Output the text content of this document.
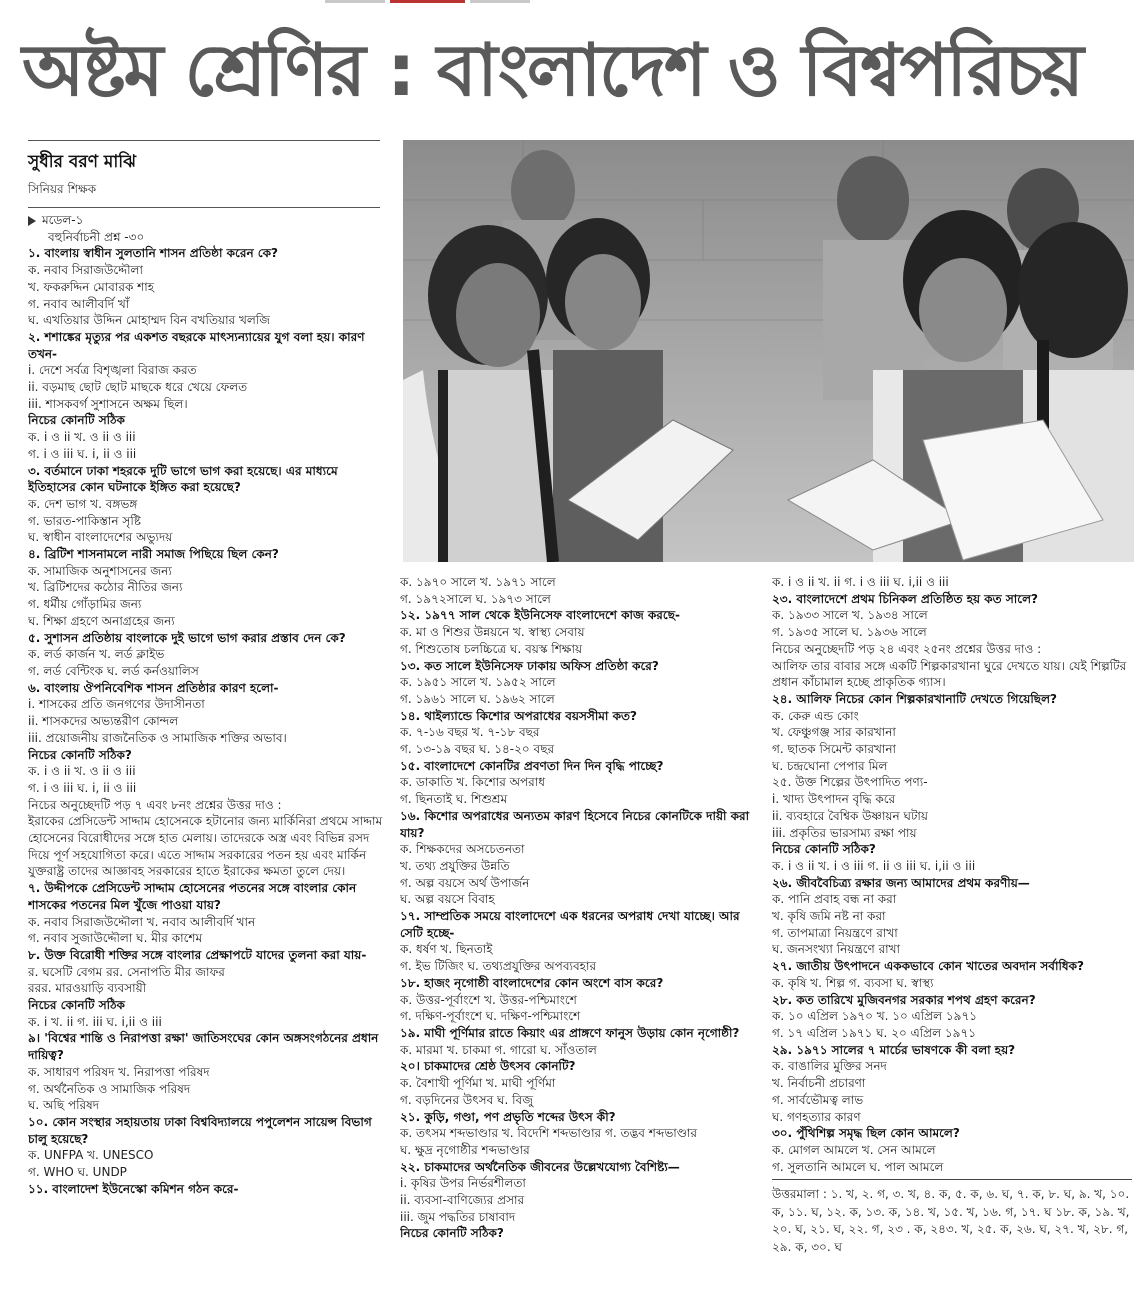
অষ্টম শ্রেণির : বাংলাদেশ ও বিশ্বপরিচয়
সুধীর বরণ মাঝি
সিনিয়র শিক্ষক
মডেল-১
বহুনির্বাচনী প্রশ্ন -৩০
১. বাংলায় স্বাধীন সুলতানি শাসন প্রতিষ্ঠা করেন কে?
ক. নবাব সিরাজউদ্দৌলা
খ. ফকরুদ্দিন মোবারক শাহ
গ. নবাব আলীবর্দি খাঁ
ঘ. এখতিয়ার উদ্দিন মোহাম্মদ বিন বখতিয়ার খলজি
২. শশাঙ্কের মৃত্যুর পর একশত বছরকে মাৎস্যন্যায়ের যুগ বলা হয়। কারণ তখন-
i. দেশে সর্বত্র বিশৃঙ্খলা বিরাজ করত
ii. বড়মাছ ছোট ছোট মাছকে ধরে খেয়ে ফেলত
iii. শাসকবর্গ সুশাসনে অক্ষম ছিল।
নিচের কোনটি সঠিক
ক. i ও ii খ. ও ii ও iii
গ. i ও iii ঘ. i, ii ও iii
৩. বর্তমানে ঢাকা শহরকে দুটি ভাগে ভাগ করা হয়েছে। এর মাধ্যমে ইতিহাসের কোন ঘটনাকে ইঙ্গিত করা হয়েছে?
ক. দেশ ভাগ খ. বঙ্গভঙ্গ
গ. ভারত-পাকিস্তান সৃষ্টি
ঘ. স্বাধীন বাংলাদেশের অভ্যুদয়
৪. ব্রিটিশ শাসনামলে নারী সমাজ পিছিয়ে ছিল কেন?
ক. সামাজিক অনুশাসনের জন্য
খ. ব্রিটিশদের কঠোর নীতির জন্য
গ. ধর্মীয় গোঁড়ামির জন্য
ঘ. শিক্ষা গ্রহণে অনাগ্রহের জন্য
৫. সুশাসন প্রতিষ্ঠায় বাংলাকে দুই ভাগে ভাগ করার প্রস্তাব দেন কে?
ক. লর্ড কার্জন খ. লর্ড ক্লাইভ
গ. লর্ড বেন্টিংক ঘ. লর্ড কর্নওয়ালিস
৬. বাংলায় ঔপনিবেশিক শাসন প্রতিষ্ঠার কারণ হলো-
i. শাসকের প্রতি জনগণের উদাসীনতা
ii. শাসকদের অভ্যন্তরীণ কোন্দল
iii. প্রয়োজনীয় রাজনৈতিক ও সামাজিক শক্তির অভাব।
নিচের কোনটি সঠিক?
ক. i ও ii খ. ও ii ও iii
গ. i ও iii ঘ. i, ii ও iii
নিচের অনুচ্ছেদটি পড় ৭ এবং ৮নং প্রশ্নের উত্তর দাও :
ইরাকের প্রেসিডেন্ট সাদ্দাম হোসেনকে হটানোর জন্য মার্কিনিরা প্রথমে সাদ্দাম হোসেনের বিরোধীদের সঙ্গে হাত মেলায়। তাদেরকে অস্ত্র এবং বিভিন্ন রসদ দিয়ে পূর্ণ সহযোগিতা করে। এতে সাদ্দাম সরকারের পতন হয় এবং মার্কিন যুক্তরাষ্ট্র তাদের আজ্ঞাবহ সরকারের হাতে ইরাকের ক্ষমতা তুলে দেয়।
৭. উদ্দীপকে প্রেসিডেন্ট সাদ্দাম হোসেনের পতনের সঙ্গে বাংলার কোন শাসকের পতনের মিল খুঁজে পাওয়া যায়?
ক. নবাব সিরাজউদ্দৌলা খ. নবাব আলীবর্দি খান
গ. নবাব সুজাউদ্দৌলা ঘ. মীর কাশেম
৮. উক্ত বিরোধী শক্তির সঙ্গে বাংলার প্রেক্ষাপটে যাদের তুলনা করা যায়-
র. ঘসেটি বেগম রর. সেনাপতি মীর জাফর
ররর. মারওয়াড়ি ব্যবসায়ী
নিচের কোনটি সঠিক
ক. i খ. ii গ. iii ঘ. i,ii ও iii
৯। 'বিশ্বের শান্তি ও নিরাপত্তা রক্ষা' জাতিসংঘের কোন অঙ্গসংগঠনের প্রধান দায়িত্ব?
ক. সাধারণ পরিষদ খ. নিরাপত্তা পরিষদ
গ. অর্থনৈতিক ও সামাজিক পরিষদ
ঘ. অছি পরিষদ
১০. কোন সংস্থার সহায়তায় ঢাকা বিশ্ববিদ্যালয়ে পপুলেশন সায়েন্স বিভাগ চালু হয়েছে?
ক. UNFPA খ. UNESCO
গ. WHO ঘ. UNDP
১১. বাংলাদেশ ইউনেস্কো কমিশন গঠন করে-
ক. ১৯৭০ সালে খ. ১৯৭১ সালে
গ. ১৯৭২সালে ঘ. ১৯৭৩ সালে
১২. ১৯৭৭ সাল থেকে ইউনিসেফ বাংলাদেশে কাজ করছে-
ক. মা ও শিশুর উন্নয়নে খ. স্বাস্থ্য সেবায়
গ. শিশুতোষ চলচ্চিত্রে ঘ. বয়স্ক শিক্ষায়
১৩. কত সালে ইউনিসেফ ঢাকায় অফিস প্রতিষ্ঠা করে?
ক. ১৯৫১ সালে খ. ১৯৫২ সালে
গ. ১৯৬১ সালে ঘ. ১৯৬২ সালে
১৪. থাইল্যান্ডে কিশোর অপরাধের বয়সসীমা কত?
ক. ৭-১৬ বছর খ. ৭-১৮ বছর
গ. ১৩-১৯ বছর ঘ. ১৪-২০ বছর
১৫. বাংলাদেশে কোনটির প্রবণতা দিন দিন বৃদ্ধি পাচ্ছে?
ক. ডাকাতি খ. কিশোর অপরাধ
গ. ছিনতাই ঘ. শিশুশ্রম
১৬. কিশোর অপরাধের অন্যতম কারণ হিসেবে নিচের কোনটিকে দায়ী করা যায়?
ক. শিক্ষকদের অসচেতনতা
খ. তথ্য প্রযুক্তির উন্নতি
গ. অল্প বয়সে অর্থ উপার্জন
ঘ. অল্প বয়সে বিবাহ
১৭. সাম্প্রতিক সময়ে বাংলাদেশে এক ধরনের অপরাধ দেখা যাচ্ছে। আর সেটি হচ্ছে-
ক. ধর্ষণ খ. ছিনতাই
গ. ইভ টিজিং ঘ. তথ্যপ্রযুক্তির অপব্যবহার
১৮. হাজং নৃগোষ্ঠী বাংলাদেশের কোন অংশে বাস করে?
ক. উত্তর-পূর্বাংশে খ. উত্তর-পশ্চিমাংশে
গ. দক্ষিণ-পূর্বাংশে ঘ. দক্ষিণ-পশ্চিমাংশে
১৯. মাঘী পূর্ণিমার রাতে কিয়াং এর প্রাঙ্গণে ফানুস উড়ায় কোন নৃগোষ্ঠী?
ক. মারমা খ. চাকমা গ. গারো ঘ. সাঁওতাল
২০। চাকমাদের শ্রেষ্ঠ উৎসব কোনটি?
ক. বৈশাখী পূর্ণিমা খ. মাঘী পূর্ণিমা
গ. বড়দিনের উৎসব ঘ. বিজু
২১. কুড়ি, গণ্ডা, পণ প্রভৃতি শব্দের উৎস কী?
ক. তৎসম শব্দভাণ্ডার খ. বিদেশি শব্দভাণ্ডার গ. তদ্ভব শব্দভাণ্ডার
ঘ. ক্ষুদ্র নৃগোষ্ঠীর শব্দভাণ্ডার
২২. চাকমাদের অর্থনৈতিক জীবনের উল্লেখযোগ্য বৈশিষ্ট্য—
i. কৃষির উপর নির্ভরশীলতা
ii. ব্যবসা-বাণিজ্যের প্রসার
iii. জুম পদ্ধতির চাষাবাদ
নিচের কোনটি সঠিক?
ক. i ও ii খ. ii গ. i ও iii ঘ. i,ii ও iii
২৩. বাংলাদেশে প্রথম চিনিকল প্রতিষ্ঠিত হয় কত সালে?
ক. ১৯৩৩ সালে খ. ১৯৩৪ সালে
গ. ১৯৩৫ সালে ঘ. ১৯৩৬ সালে
নিচের অনুচ্ছেদটি পড় ২৪ এবং ২৫নং প্রশ্নের উত্তর দাও :
আলিফ তার বাবার সঙ্গে একটি শিল্পকারখানা ঘুরে দেখতে যায়। যেই শিল্পটির প্রধান কাঁচামাল হচ্ছে প্রাকৃতিক গ্যাস।
২৪. আলিফ নিচের কোন শিল্পকারখানাটি দেখতে গিয়েছিল?
ক. কেরু এন্ড কোং
খ. ফেঞ্চুগঞ্জ সার কারখানা
গ. ছাতক সিমেন্ট কারখানা
ঘ. চন্দ্রঘোনা পেপার মিল
২৫. উক্ত শিল্পের উৎপাদিত পণ্য-
i. খাদ্য উৎপাদন বৃদ্ধি করে
ii. ব্যবহারে বৈশ্বিক উষ্ণায়ন ঘটায়
iii. প্রকৃতির ভারসাম্য রক্ষা পায়
নিচের কোনটি সঠিক?
ক. i ও ii খ. i ও iii গ. ii ও iii ঘ. i,ii ও iii
২৬. জীববৈচিত্র্য রক্ষার জন্য আমাদের প্রথম করণীয়—
ক. পানি প্রবাহ বন্ধ না করা
খ. কৃষি জমি নষ্ট না করা
গ. তাপমাত্রা নিয়ন্ত্রণে রাখা
ঘ. জনসংখ্যা নিয়ন্ত্রণে রাখা
২৭. জাতীয় উৎপাদনে এককভাবে কোন খাতের অবদান সর্বাধিক?
ক. কৃষি খ. শিল্প গ. ব্যবসা ঘ. স্বাস্থ্য
২৮. কত তারিখে মুজিবনগর সরকার শপথ গ্রহণ করেন?
ক. ১০ এপ্রিল ১৯৭০ খ. ১০ এপ্রিল ১৯৭১
গ. ১৭ এপ্রিল ১৯৭১ ঘ. ২০ এপ্রিল ১৯৭১
২৯. ১৯৭১ সালের ৭ মার্চের ভাষণকে কী বলা হয়?
ক. বাঙালির মুক্তির সনদ
খ. নির্বাচনী প্রচারণা
গ. সার্বভৌমত্ব লাভ
ঘ. গণহত্যার কারণ
৩০. পুঁথিশিল্প সমৃদ্ধ ছিল কোন আমলে?
ক. মোগল আমলে খ. সেন আমলে
গ. সুলতানি আমলে ঘ. পাল আমলে
উত্তরমালা : ১. খ, ২. গ, ৩. খ, ৪. ক, ৫. ক, ৬. ঘ, ৭. ক, ৮. ঘ, ৯. খ, ১০. ক, ১১. ঘ, ১২. ক, ১৩. ক, ১৪. খ, ১৫. খ, ১৬. গ, ১৭. ঘ ১৮. ক, ১৯. খ, ২০. ঘ, ২১. ঘ, ২২. গ, ২৩ . ক, ২৪৩. খ, ২৫. ক, ২৬. ঘ, ২৭. খ, ২৮. গ, ২৯. ক, ৩০. ঘ
